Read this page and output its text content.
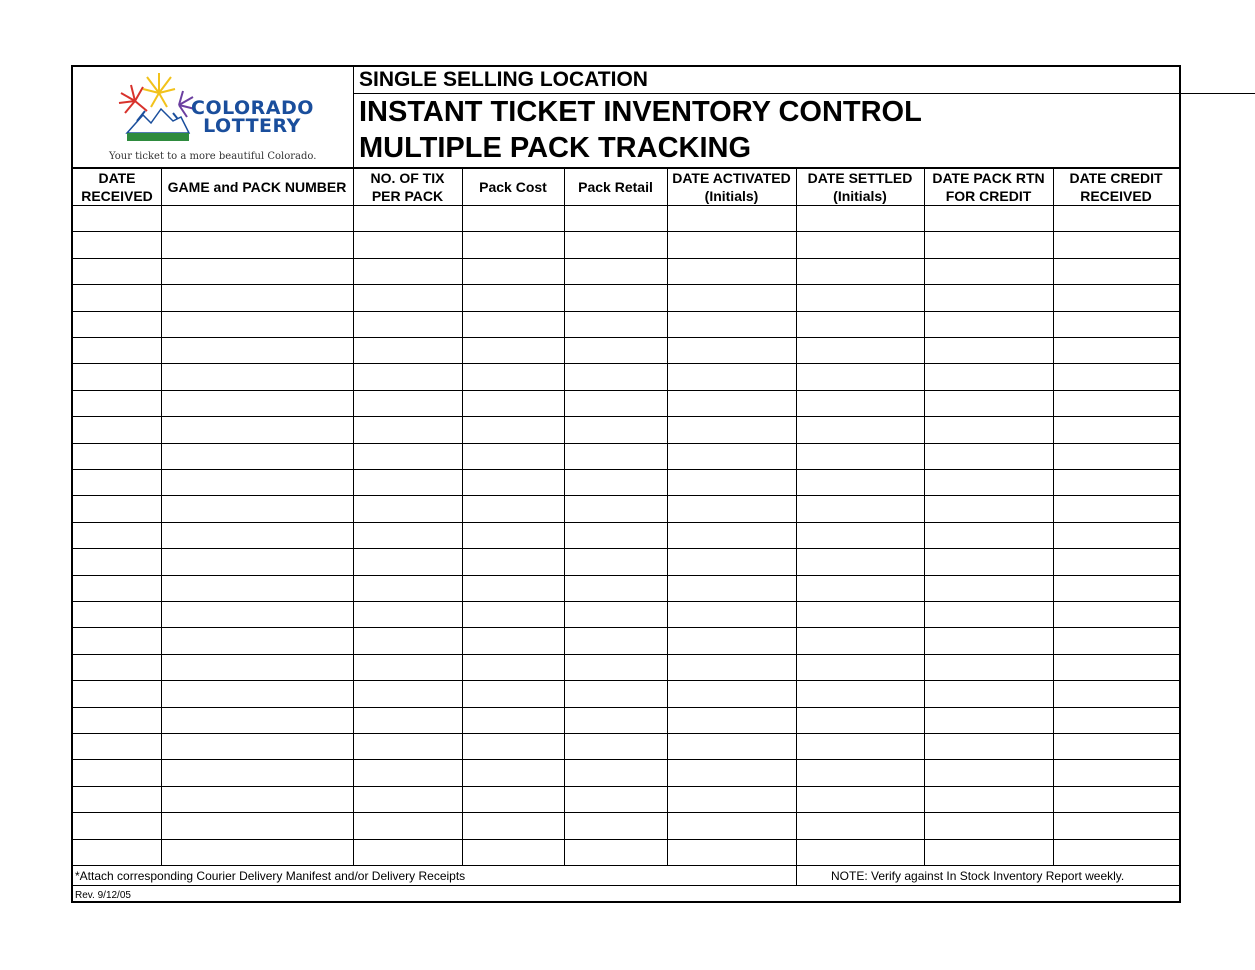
COLORADO
LOTTERY
Your ticket to a more beautiful Colorado.
SINGLE SELLING LOCATION
INSTANT TICKET INVENTORY CONTROL
MULTIPLE PACK TRACKING
DATE
RECEIVED
GAME and PACK NUMBER
NO. OF TIX
PER PACK
Pack Cost	Pack Retail
DATE ACTIVATED
(Initials)
DATE SETTLED
(Initials)
DATE PACK RTN
FOR CREDIT
DATE CREDIT
RECEIVED
*Attach corresponding Courier Delivery Manifest and/or Delivery Receipts	NOTE: Verify against In Stock Inventory Report weekly.
Rev. 9/12/05
